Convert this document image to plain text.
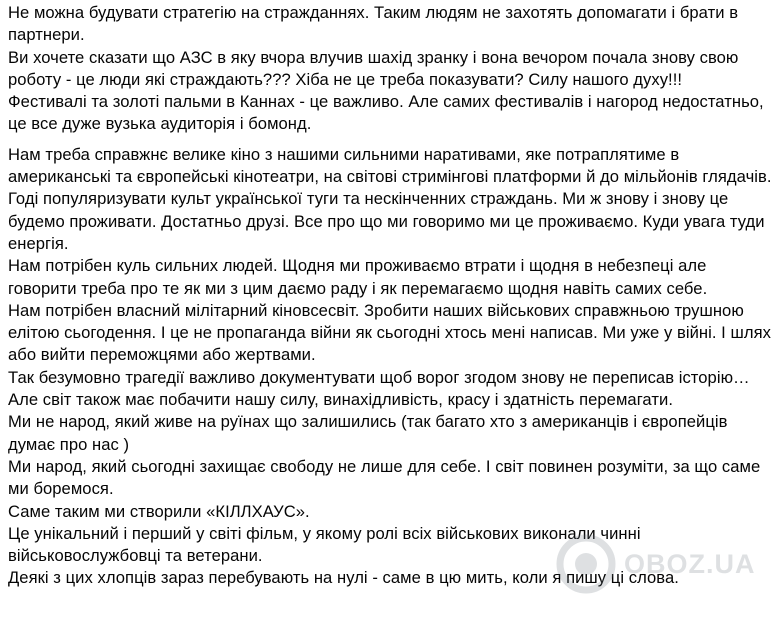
Не можна будувати стратегію на стражданнях. Таким людям не захотять допомагати і брати в партнери.

Ви хочете сказати що АЗС в яку вчора влучив шахід зранку і вона вечором почала знову свою роботу - це люди які страждають??? Хіба не це треба показувати? Силу нашого духу!!!

Фестивалі та золоті пальми в Каннах - це важливо. Але самих фестивалів і нагород недостатньо, це все дуже вузька аудиторія і бомонд.

Нам треба справжнє велике кіно з нашими сильними наративами, яке потраплятиме в американські та європейські кінотеатри, на світові стримінгові платформи й до мільйонів глядачів.

Годі популяризувати культ української туги та нескінченних страждань. Ми ж знову і знову це будемо проживати. Достатньо друзі. Все про що ми говоримо ми це проживаємо. Куди увага туди енергія.

Нам потрібен куль сильних людей. Щодня ми проживаємо втрати і щодня в небезпеці але говорити треба про те як ми з цим даємо раду і як перемагаємо щодня навіть самих себе.

Нам потрібен власний мілітарний кіновсесвіт. Зробити наших військових справжньою трушною елітою сьогодення. І це не пропаганда війни як сьогодні хтось мені написав. Ми уже у війні. І шлях або вийти переможцями або жертвами.

Так безумовно трагедії важливо документувати щоб ворог згодом знову не переписав історію…

Але світ також має побачити нашу силу, винахідливість, красу і здатність перемагати.

Ми не народ, який живе на руїнах що залишились (так багато хто з американців і європейців думає про нас )

Ми народ, який сьогодні захищає свободу не лише для себе. І світ повинен розуміти, за що саме ми боремося.

Саме таким ми створили «КІЛЛХАУС».

Це унікальний і перший у світі фільм, у якому ролі всіх військових виконали чинні військовослужбовці та ветерани.

Деякі з цих хлопців зараз перебувають на нулі - саме в цю мить, коли я пишу ці слова.

OBOZ.UA
